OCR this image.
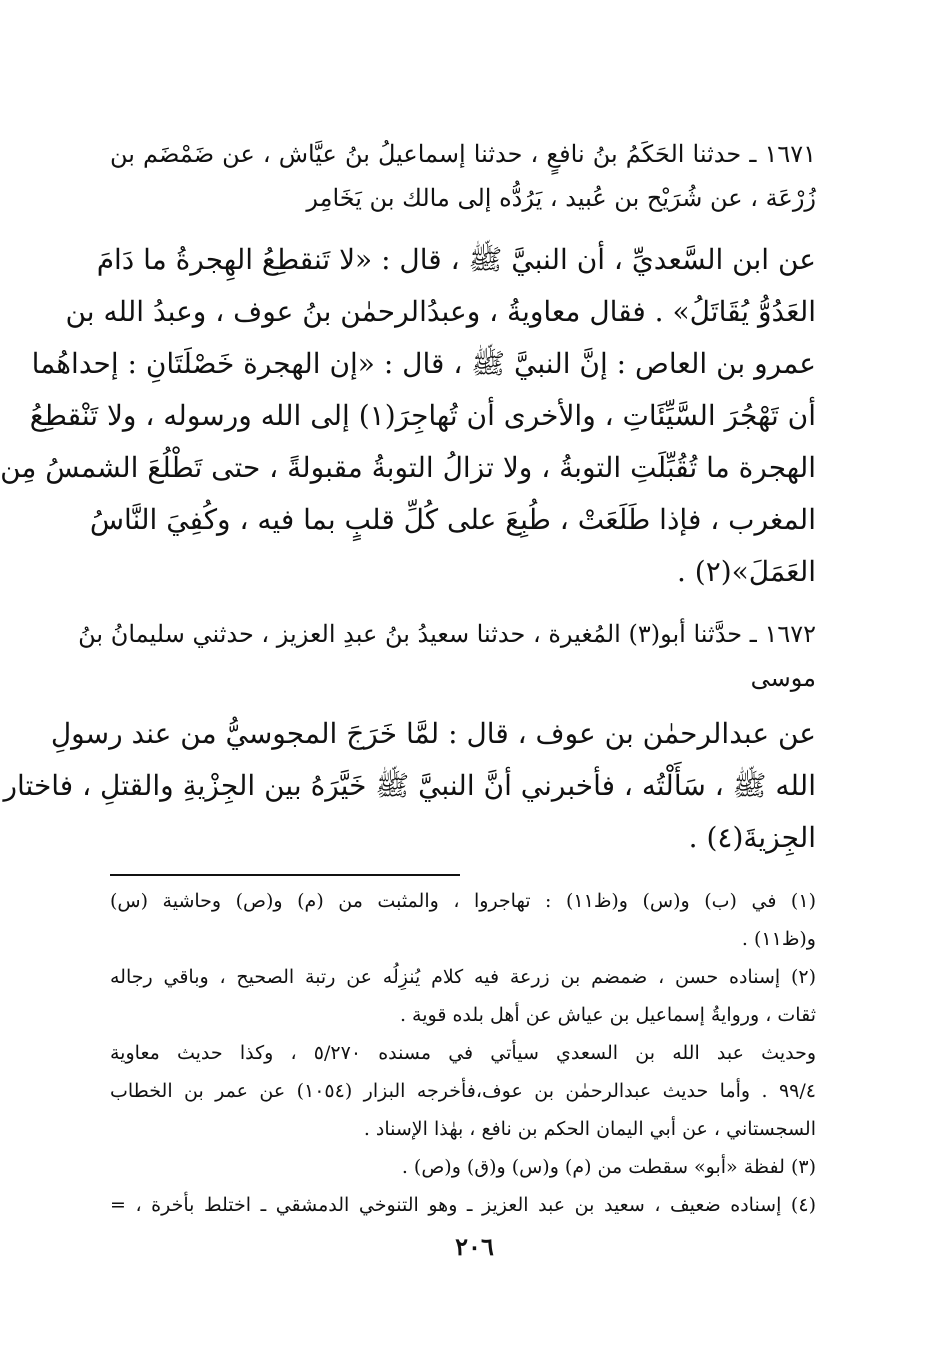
١٦٧١ ـ حدثنا الحَكَمُ بنُ نافعٍ ، حدثنا إسماعيلُ بنُ عيَّاش ، عن ضَمْضَم بن
زُرْعَة ، عن شُرَيْح بن عُبيد ، يَرُدُّه إلى مالك بن يَخَامِر
عن ابن السَّعديِّ ، أن النبيَّ ﷺ ، قال : «لا تَنقطِعُ الهِجرةُ ما دَامَ
العَدُوُّ يُقَاتَلُ» . فقال معاويةُ ، وعبدُالرحمٰن بنُ عوف ، وعبدُ الله بن
عمرو بن العاص : إنَّ النبيَّ ﷺ ، قال : «إن الهجرة خَصْلَتَانِ : إحداهُما
أن تَهْجُرَ السَّيِّئَاتِ ، والأخرى أن تُهاجِرَ(١) إلى الله ورسوله ، ولا تَنْقطِعُ
الهجرة ما تُقُبِّلَتِ التوبةُ ، ولا تزالُ التوبةُ مقبولةً ، حتى تَطْلُعَ الشمسُ مِن
المغرب ، فإذا طَلَعَتْ ، طُبِعَ على كُلِّ قلبٍ بما فيه ، وكُفِيَ النَّاسُ
العَمَلَ»(٢) .
١٦٧٢ ـ حدَّثنا أبو(٣) المُغيرة ، حدثنا سعيدُ بنُ عبدِ العزيز ، حدثني سليمانُ بنُ
موسى
عن عبدالرحمٰن بن عوف ، قال : لمَّا خَرَجَ المجوسيُّ من عند رسولِ
الله ﷺ ، سَأَلْتُه ، فأخبرني أنَّ النبيَّ ﷺ خَيَّرَهُ بين الجِزْيةِ والقتلِ ، فاختار
الجِزيةَ(٤) .
(١) في (ب) و(س) و(ظ١١) : تهاجروا ، والمثبت من (م) و(ص) وحاشية (س)
و(ظ١١) .
(٢) إسناده حسن ، ضمضم بن زرعة فيه كلام يُنزِلُه عن رتبة الصحيح ، وباقي رجاله
ثقات ، وروايةُ إسماعيل بن عياش عن أهل بلده قوية .
وحديث عبد الله بن السعدي سيأتي في مسنده ٥/٢٧٠ ، وكذا حديث معاوية
٩٩/٤ . وأما حديث عبدالرحمٰن بن عوف،فأخرجه البزار (١٠٥٤) عن عمر بن الخطاب
السجستاني ، عن أبي اليمان الحكم بن نافع ، بهٰذا الإسناد .
(٣) لفظة «أبو» سقطت من (م) و(س) و(ق) و(ص) .
(٤) إسناده ضعيف ، سعيد بن عبد العزيز ـ وهو التنوخي الدمشقي ـ اختلط بأخرة ، =
٢٠٦
